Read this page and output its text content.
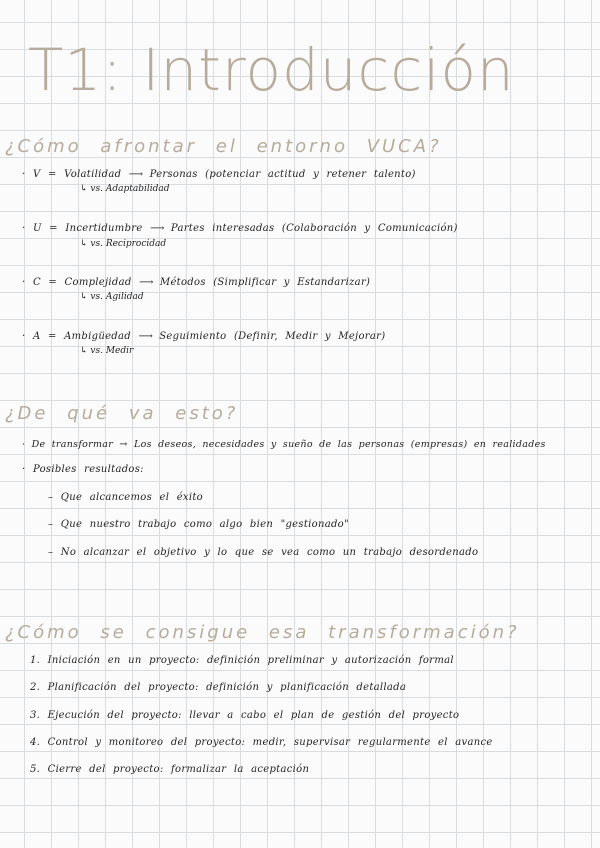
T1: Introducción
¿Cómo afrontar el entorno VUCA?
· V = Volatilidad ⟶ Personas (potenciar actitud y retener talento)
↳ vs. Adaptabilidad
· U = Incertidumbre ⟶ Partes interesadas (Colaboración y Comunicación)
↳ vs. Reciprocidad
· C = Complejidad ⟶ Métodos (Simplificar y Estandarizar)
↳ vs. Agilidad
· A = Ambigüedad ⟶ Seguimiento (Definir, Medir y Mejorar)
↳ vs. Medir
¿De qué va esto?
· De transformar → Los deseos, necesidades y sueño de las personas (empresas) en realidades
· Posibles resultados:
– Que alcancemos el éxito
– Que nuestro trabajo como algo bien "gestionado"
– No alcanzar el objetivo y lo que se vea como un trabajo desordenado
¿Cómo se consigue esa transformación?
1. Iniciación en un proyecto: definición preliminar y autorización formal
2. Planificación del proyecto: definición y planificación detallada
3. Ejecución del proyecto: llevar a cabo el plan de gestión del proyecto
4. Control y monitoreo del proyecto: medir, supervisar regularmente el avance
5. Cierre del proyecto: formalizar la aceptación
